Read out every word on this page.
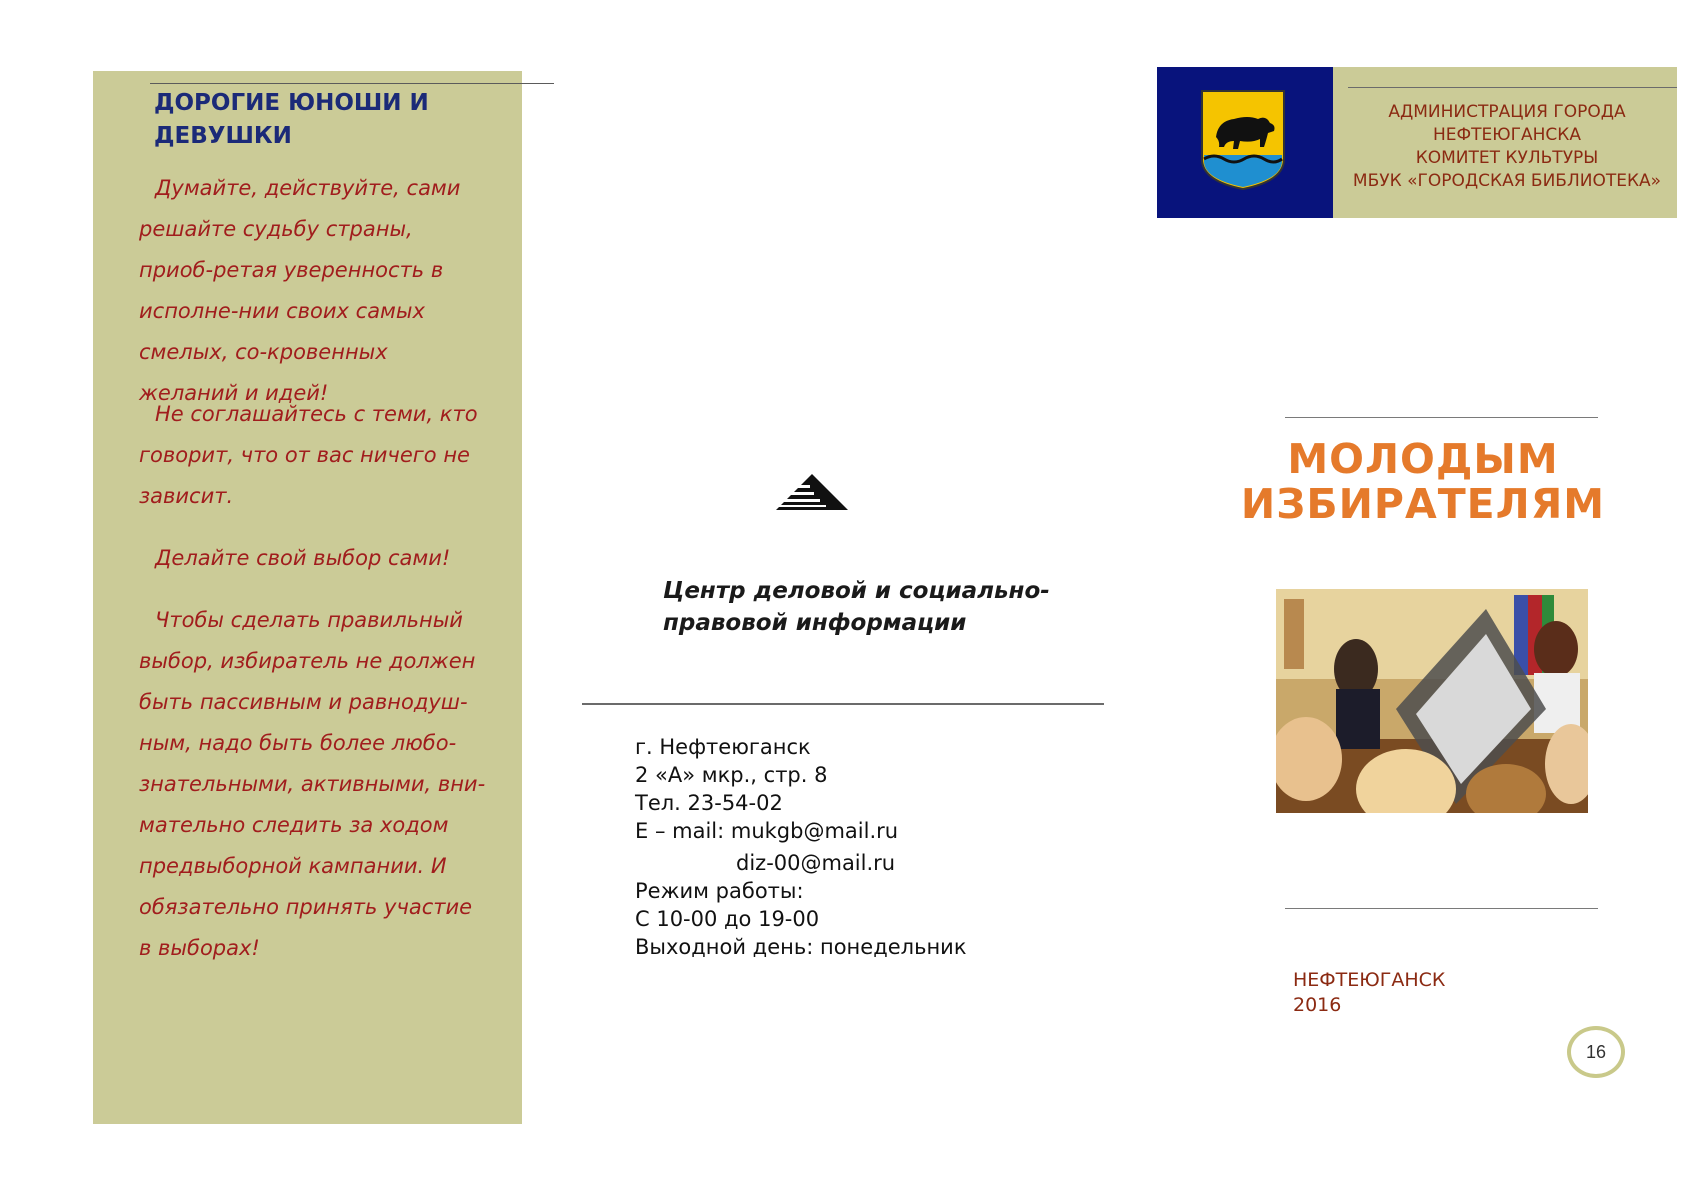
ДОРОГИЕ ЮНОШИ И
ДЕВУШКИ

Думайте, действуйте, сами решайте судьбу страны, приоб-ретая уверенность в исполне-нии своих самых смелых, со-кровенных желаний и идей!

Не соглашайтесь с теми, кто говорит, что от вас ничего не зависит.

Делайте свой выбор сами!

Чтобы сделать правильный выбор, избиратель не должен быть пассивным и равнодуш-ным, надо быть более любо-знательными, активными, вни-мательно следить за ходом предвыборной кампании. И обязательно принять участие в выборах!

Центр деловой и социально-
правовой информации
г. Нефтеюганск
2 «А» мкр., стр. 8
Тел. 23-54-02
Е – mail: mukgb@mail.ru
diz-00@mail.ru
Режим работы:
С 10-00 до 19-00
Выходной день: понедельник
АДМИНИСТРАЦИЯ ГОРОДА
НЕФТЕЮГАНСКА
КОМИТЕТ КУЛЬТУРЫ
МБУК «ГОРОДСКАЯ БИБЛИОТЕКА»
МОЛОДЫМ
ИЗБИРАТЕЛЯМ
НЕФТЕЮГАНСК
2016
16
